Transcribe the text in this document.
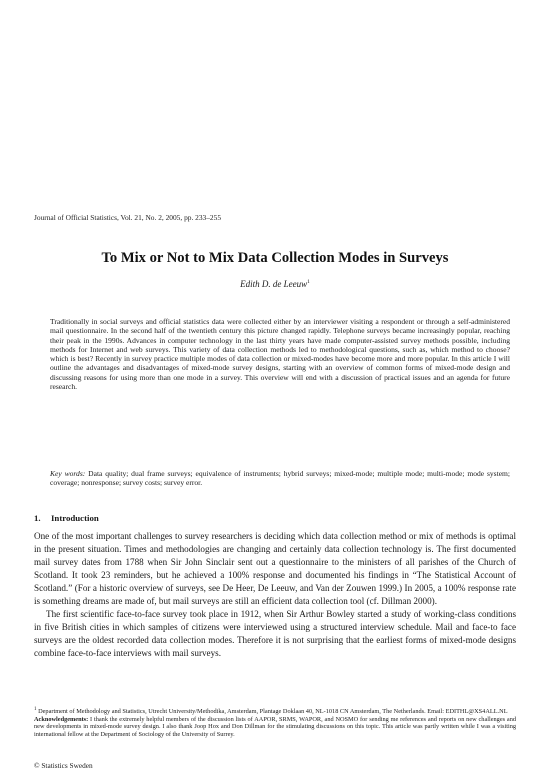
Journal of Official Statistics, Vol. 21, No. 2, 2005, pp. 233–255
To Mix or Not to Mix Data Collection Modes in Surveys
Edith D. de Leeuw$^1$
Traditionally in social surveys and official statistics data were collected either by an interviewer visiting a respondent or through a self-administered mail questionnaire. In the second half of the twentieth century this picture changed rapidly. Telephone surveys became increasingly popular, reaching their peak in the 1990s. Advances in computer technology in the last thirty years have made computer-assisted survey methods possible, including methods for Internet and web surveys. This variety of data collection methods led to methodological questions, such as, which method to choose? which is best? Recently in survey practice multiple modes of data collection or mixed-modes have become more and more popular. In this article I will outline the advantages and disadvantages of mixed-mode survey designs, starting with an overview of common forms of mixed-mode design and discussing reasons for using more than one mode in a survey. This overview will end with a discussion of practical issues and an agenda for future research.
Key words: Data quality; dual frame surveys; equivalence of instruments; hybrid surveys; mixed-mode; multiple mode; multi-mode; mode system; coverage; nonresponse; survey costs; survey error.
1. Introduction

One of the most important challenges to survey researchers is deciding which data collection method or mix of methods is optimal in the present situation. Times and methodologies are changing and certainly data collection technology is. The first documented mail survey dates from 1788 when Sir John Sinclair sent out a questionnaire to the ministers of all parishes of the Church of Scotland. It took 23 reminders, but he achieved a 100% response and documented his findings in “The Statistical Account of Scotland.” (For a historic overview of surveys, see De Heer, De Leeuw, and Van der Zouwen 1999.) In 2005, a 100% response rate is something dreams are made of, but mail surveys are still an efficient data collection tool (cf. Dillman 2000).

The first scientific face-to-face survey took place in 1912, when Sir Arthur Bowley started a study of working-class conditions in five British cities in which samples of citizens were interviewed using a structured interview schedule. Mail and face-to face surveys are the oldest recorded data collection modes. Therefore it is not surprising that the earliest forms of mixed-mode designs combine face-to-face interviews with mail surveys.

$^1$ Department of Methodology and Statistics, Utrecht University/Methodika, Amsterdam, Plantage Doklaan 40, NL-1018 CN Amsterdam, The Netherlands. Email: EDITHL@XS4ALL.NL

Acknowledgements: I thank the extremely helpful members of the discussion lists of AAPOR, SRMS, WAPOR, and NOSMO for sending me references and reports on new challenges and new developments in mixed-mode survey design. I also thank Joop Hox and Don Dillman for the stimulating discussions on this topic. This article was partly written while I was a visiting international fellow at the Department of Sociology of the University of Surrey.

© Statistics Sweden
